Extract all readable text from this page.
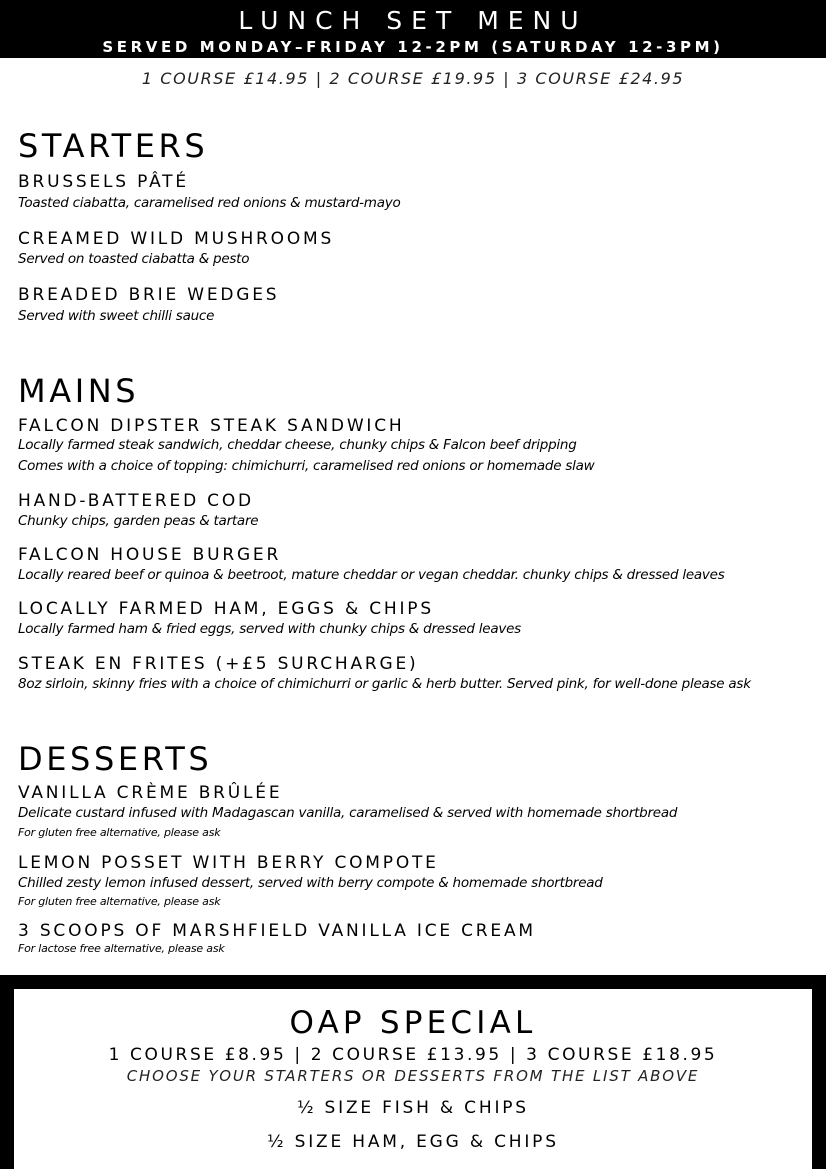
LUNCH SET MENU
SERVED MONDAY–FRIDAY 12-2PM (SATURDAY 12-3PM)
1 COURSE £14.95 | 2 COURSE £19.95 | 3 COURSE £24.95
STARTERS
BRUSSELS PÂTÉ
Toasted ciabatta, caramelised red onions & mustard-mayo
CREAMED WILD MUSHROOMS
Served on toasted ciabatta & pesto
BREADED BRIE WEDGES
Served with sweet chilli sauce
MAINS
FALCON DIPSTER STEAK SANDWICH
Locally farmed steak sandwich, cheddar cheese, chunky chips & Falcon beef dripping
Comes with a choice of topping: chimichurri, caramelised red onions or homemade slaw
HAND-BATTERED COD
Chunky chips, garden peas & tartare
FALCON HOUSE BURGER
Locally reared beef or quinoa & beetroot, mature cheddar or vegan cheddar. chunky chips & dressed leaves
LOCALLY FARMED HAM, EGGS & CHIPS
Locally farmed ham & fried eggs, served with chunky chips & dressed leaves
STEAK EN FRITES (+£5 SURCHARGE)
8oz sirloin, skinny fries with a choice of chimichurri or garlic & herb butter. Served pink, for well-done please ask
DESSERTS
VANILLA CRÈME BRÛLÉE
Delicate custard infused with Madagascan vanilla, caramelised & served with homemade shortbread
For gluten free alternative, please ask
LEMON POSSET WITH BERRY COMPOTE
Chilled zesty lemon infused dessert, served with berry compote & homemade shortbread
For gluten free alternative, please ask
3 SCOOPS OF MARSHFIELD VANILLA ICE CREAM
For lactose free alternative, please ask
OAP SPECIAL
1 COURSE £8.95 | 2 COURSE £13.95 | 3 COURSE £18.95
CHOOSE YOUR STARTERS OR DESSERTS FROM THE LIST ABOVE
½ SIZE FISH & CHIPS
½ SIZE HAM, EGG & CHIPS
